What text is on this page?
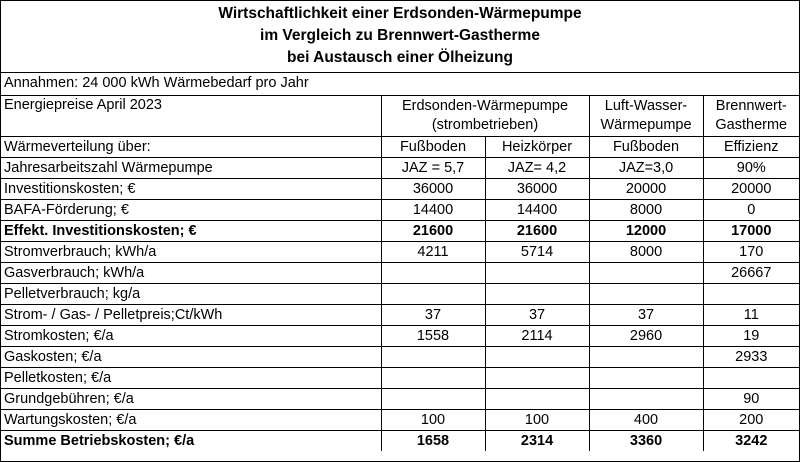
Wirtschaftlichkeit einer Erdsonden-Wärmepumpe
im Vergleich zu Brennwert-Gastherme
bei Austausch einer Ölheizung
Annahmen: 24 000 kWh Wärmebedarf pro Jahr
Energiepreise April 2023	Erdsonden-Wärmepumpe (strombetrieben)		Luft-Wasser-Wärmepumpe	Brennwert-Gastherme
Wärmeverteilung über:	Fußboden	Heizkörper	Fußboden	Effizienz
Jahresarbeitszahl Wärmepumpe	JAZ = 5,7	JAZ= 4,2	JAZ=3,0	90%
Investitionskosten; €	36000	36000	20000	20000
BAFA-Förderung; €	14400	14400	8000	0
Effekt. Investitionskosten; €	21600	21600	12000	17000
Stromverbrauch; kWh/a	4211	5714	8000	170
Gasverbrauch; kWh/a				26667
Pelletverbrauch; kg/a				
Strom- / Gas- / Pelletpreis;Ct/kWh	37	37	37	11
Stromkosten; €/a	1558	2114	2960	19
Gaskosten; €/a				2933
Pelletkosten; €/a				
Grundgebühren; €/a				90
Wartungskosten; €/a	100	100	400	200
Summe Betriebskosten; €/a	1658	2314	3360	3242
